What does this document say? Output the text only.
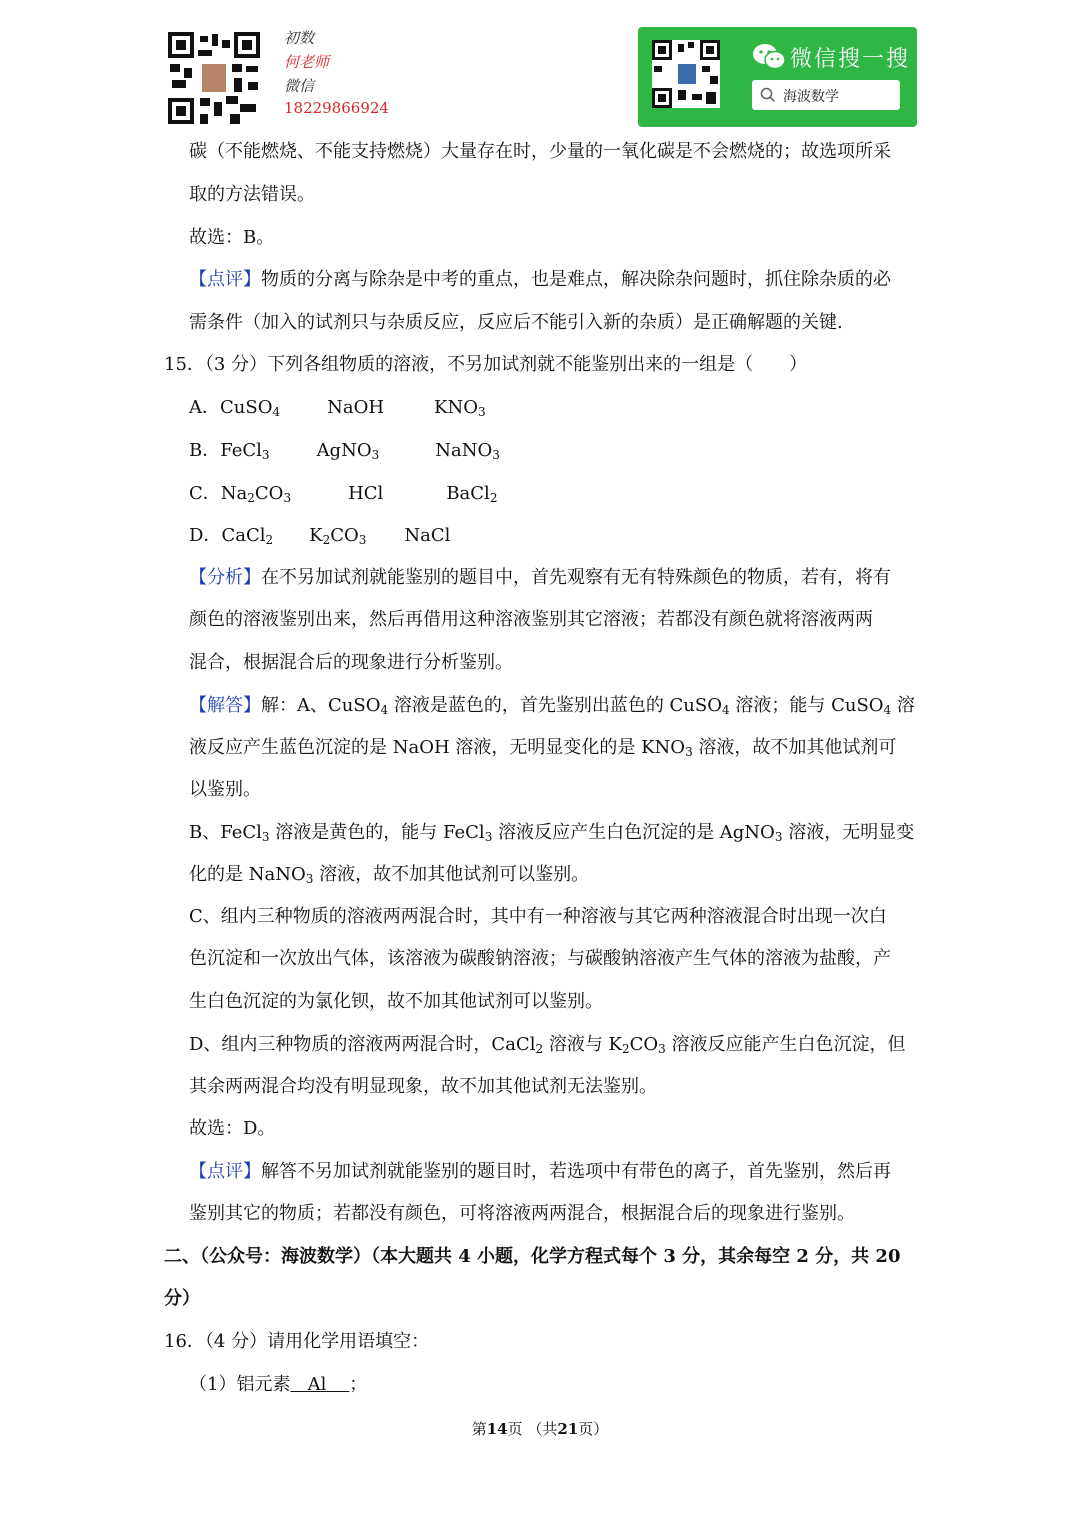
初数
何老师
微信
18229866924
微信搜一搜
海波数学
碳（不能燃烧、不能支持燃烧）大量存在时，少量的一氧化碳是不会燃烧的；故选项所采
取的方法错误。
故选：B。
【点评】物质的分离与除杂是中考的重点，也是难点，解决除杂问题时，抓住除杂质的必
需条件（加入的试剂只与杂质反应，反应后不能引入新的杂质）是正确解题的关键.
15．（3 分）下列各组物质的溶液，不另加试剂就不能鉴别出来的一组是（　　）
A．CuSO$_4$	NaOH	$KNO_3$
B．FeCl$_3$	AgNO$_3$	NaNO$_3$
C．$Na_2CO_3$	HCl	BaCl$_2$
D．CaCl$_2$ $K_2CO_3$ NaCl
【分析】在不另加试剂就能鉴别的题目中，首先观察有无有特殊颜色的物质，若有，将有
颜色的溶液鉴别出来，然后再借用这种溶液鉴别其它溶液；若都没有颜色就将溶液两两
混合，根据混合后的现象进行分析鉴别。
【解答】解：A、CuSO$_4$ 溶液是蓝色的，首先鉴别出蓝色的 CuSO$_4$ 溶液；能与 CuSO$_4$ 溶
液反应产生蓝色沉淀的是 NaOH 溶液，无明显变化的是 $KNO_3$ 溶液，故不加其他试剂可
以鉴别。
B、FeCl$_3$ 溶液是黄色的，能与 FeCl$_3$ 溶液反应产生白色沉淀的是 AgNO$_3$ 溶液，无明显变
化的是 NaNO$_3$ 溶液，故不加其他试剂可以鉴别。
C、组内三种物质的溶液两两混合时，其中有一种溶液与其它两种溶液混合时出现一次白
色沉淀和一次放出气体，该溶液为碳酸钠溶液；与碳酸钠溶液产生气体的溶液为盐酸，产
生白色沉淀的为氯化钡，故不加其他试剂可以鉴别。
D、组内三种物质的溶液两两混合时，CaCl$_2$ 溶液与 $K_2CO_3$ 溶液反应能产生白色沉淀，但
其余两两混合均没有明显现象，故不加其他试剂无法鉴别。
故选：D。
【点评】解答不另加试剂就能鉴别的题目时，若选项中有带色的离子，首先鉴别，然后再
鉴别其它的物质；若都没有颜色，可将溶液两两混合，根据混合后的现象进行鉴别。
二、（公众号：海波数学）（本大题共 4 小题，化学方程式每个 3 分，其余每空 2 分，共 20
分）
16．（4 分）请用化学用语填空：
（1）铝元素 Al ；
第14页 （共21页）
